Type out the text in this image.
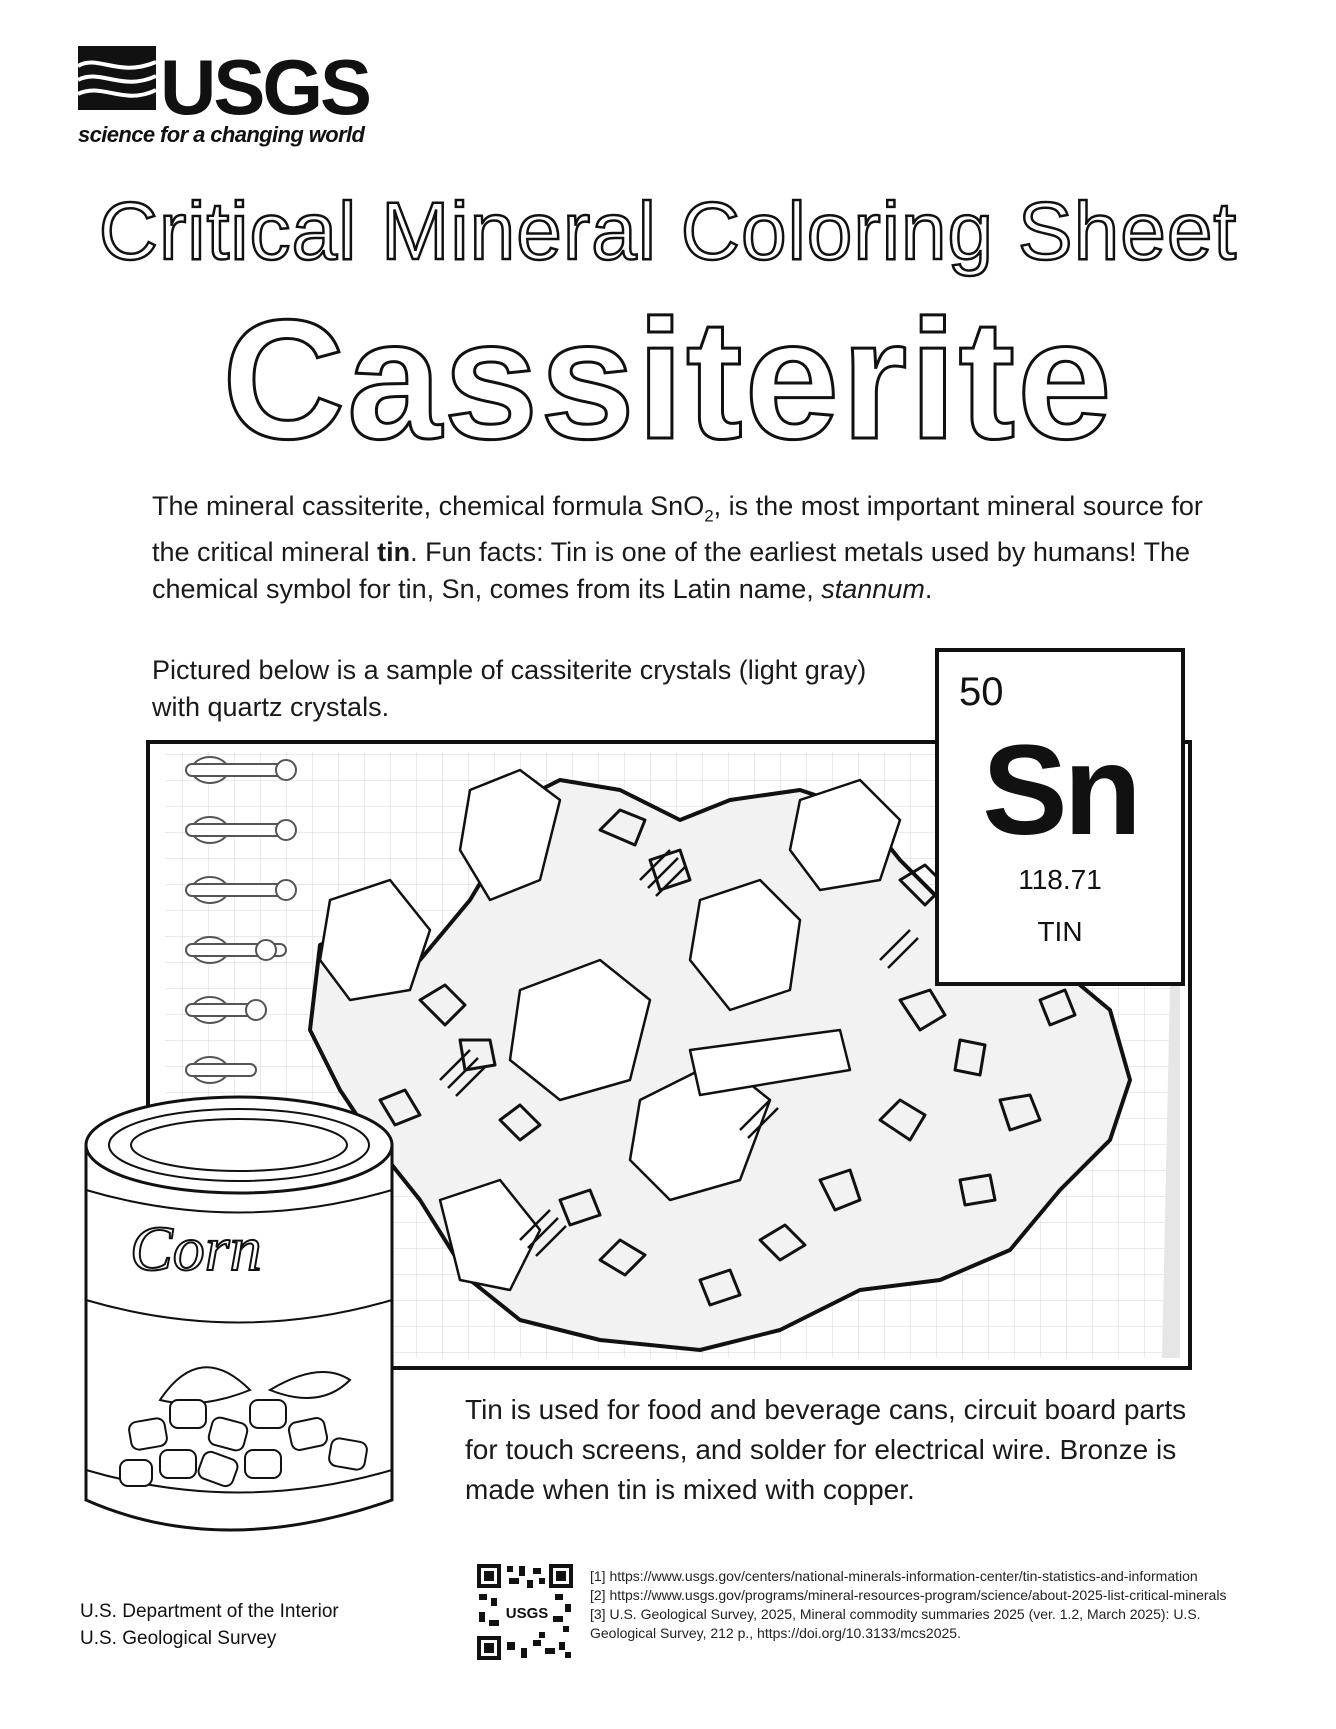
USGS
science for a changing world
Critical Mineral Coloring Sheet
Cassiterite
The mineral cassiterite, chemical formula SnO$_2$, is the most important mineral source for the critical mineral tin. Fun facts: Tin is one of the earliest metals used by humans! The chemical symbol for tin, Sn, comes from its Latin name, stannum.
Pictured below is a sample of cassiterite crystals (light gray) with quartz crystals.
Corn
50
Sn
118.71
TIN
Tin is used for food and beverage cans, circuit board parts for touch screens, and solder for electrical wire. Bronze is made when tin is mixed with copper.
U.S. Department of the Interior
U.S. Geological Survey
USGS
[1] https://www.usgs.gov/centers/national-minerals-information-center/tin-statistics-and-information
[2] https://www.usgs.gov/programs/mineral-resources-program/science/about-2025-list-critical-minerals
[3] U.S. Geological Survey, 2025, Mineral commodity summaries 2025 (ver. 1.2, March 2025): U.S. Geological Survey, 212 p., https://doi.org/10.3133/mcs2025.
